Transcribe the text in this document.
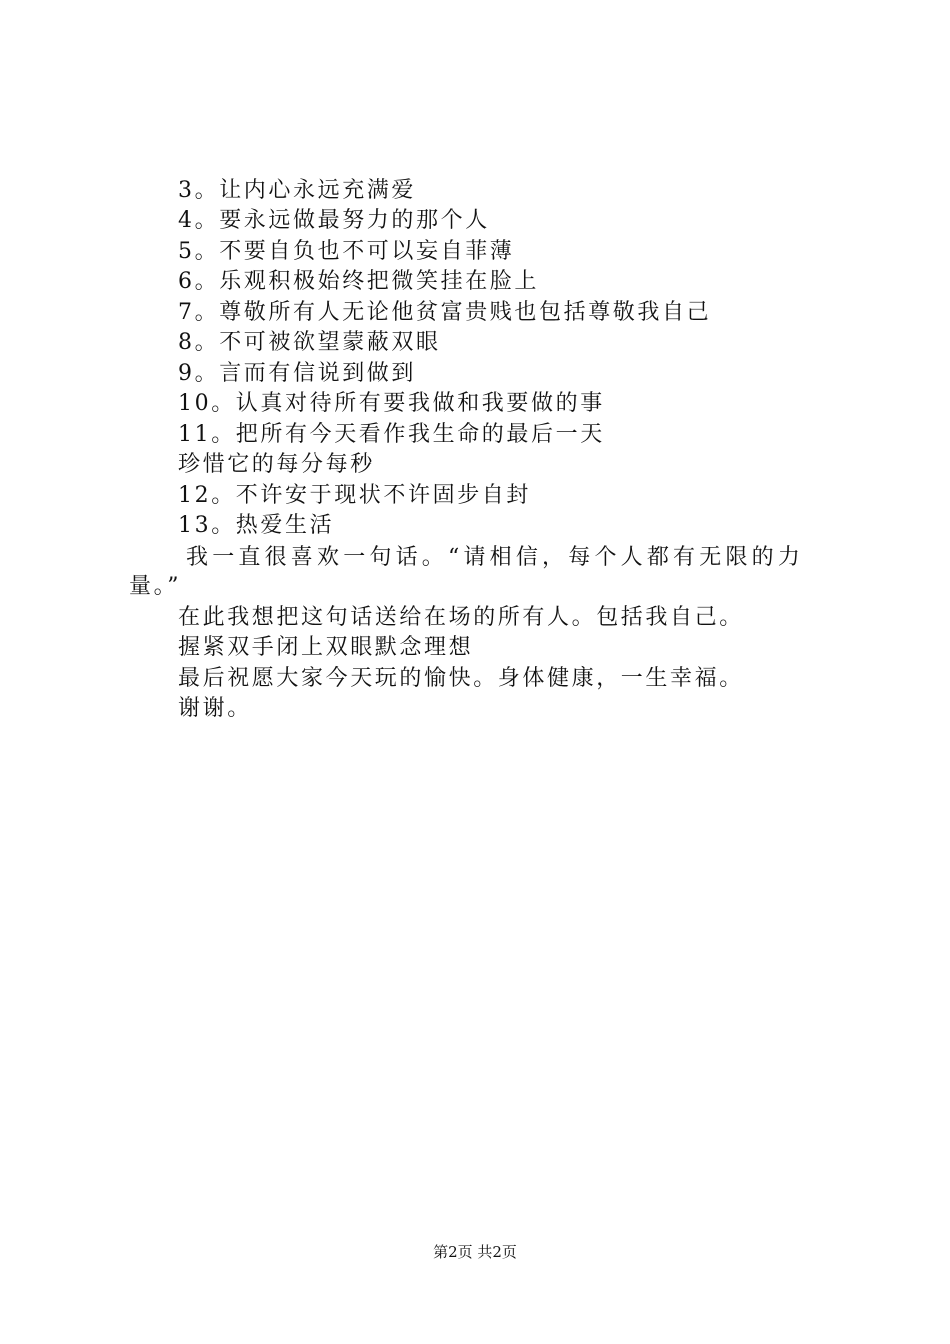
3。让内心永远充满爱
4。要永远做最努力的那个人
5。不要自负也不可以妄自菲薄
6。乐观积极始终把微笑挂在脸上
7。尊敬所有人无论他贫富贵贱也包括尊敬我自己
8。不可被欲望蒙蔽双眼
9。言而有信说到做到
10。认真对待所有要我做和我要做的事
11。把所有今天看作我生命的最后一天
珍惜它的每分每秒
12。不许安于现状不许固步自封
13。热爱生活
我一直很喜欢一句话。“请相信，每个人都有无限的力
量。”
在此我想把这句话送给在场的所有人。包括我自己。
握紧双手闭上双眼默念理想
最后祝愿大家今天玩的愉快。身体健康，一生幸福。
谢谢。
第2页 共2页
